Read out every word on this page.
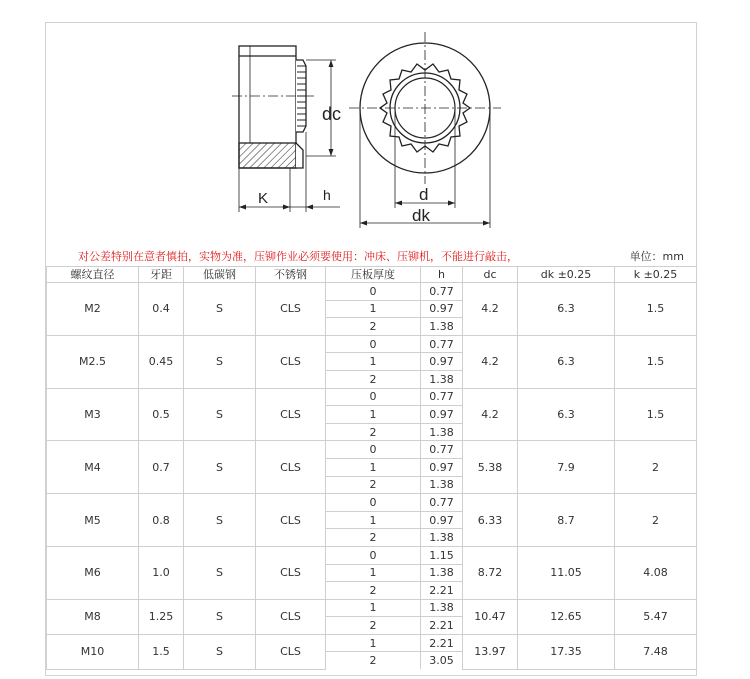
dc
K	h	d
dk
对公差特别在意者慎拍，实物为准，压铆作业必须要使用：冲床、压铆机，不能进行敲击，	单位：mm
螺纹直径	牙距	低碳钢	不锈钢	压板厚度	h	dc	dk ±0.25	k ±0.25
M2	0.4	S	CLS	0	0.77	4.2	6.3	1.5
				1	0.97			
				2	1.38			
M2.5	0.45	S	CLS	0	0.77	4.2	6.3	1.5
				1	0.97			
				2	1.38			
M3	0.5	S	CLS	0	0.77	4.2	6.3	1.5
				1	0.97			
				2	1.38			
M4	0.7	S	CLS	0	0.77	5.38	7.9	2
				1	0.97			
				2	1.38			
M5	0.8	S	CLS	0	0.77	6.33	8.7	2
				1	0.97			
				2	1.38			
M6	1.0	S	CLS	0	1.15	8.72	11.05	4.08
				1	1.38			
				2	2.21			
M8	1.25	S	CLS	1	1.38	10.47	12.65	5.47
				2	2.21			
M10	1.5	S	CLS	1	2.21	13.97	17.35	7.48
				2	3.05			
